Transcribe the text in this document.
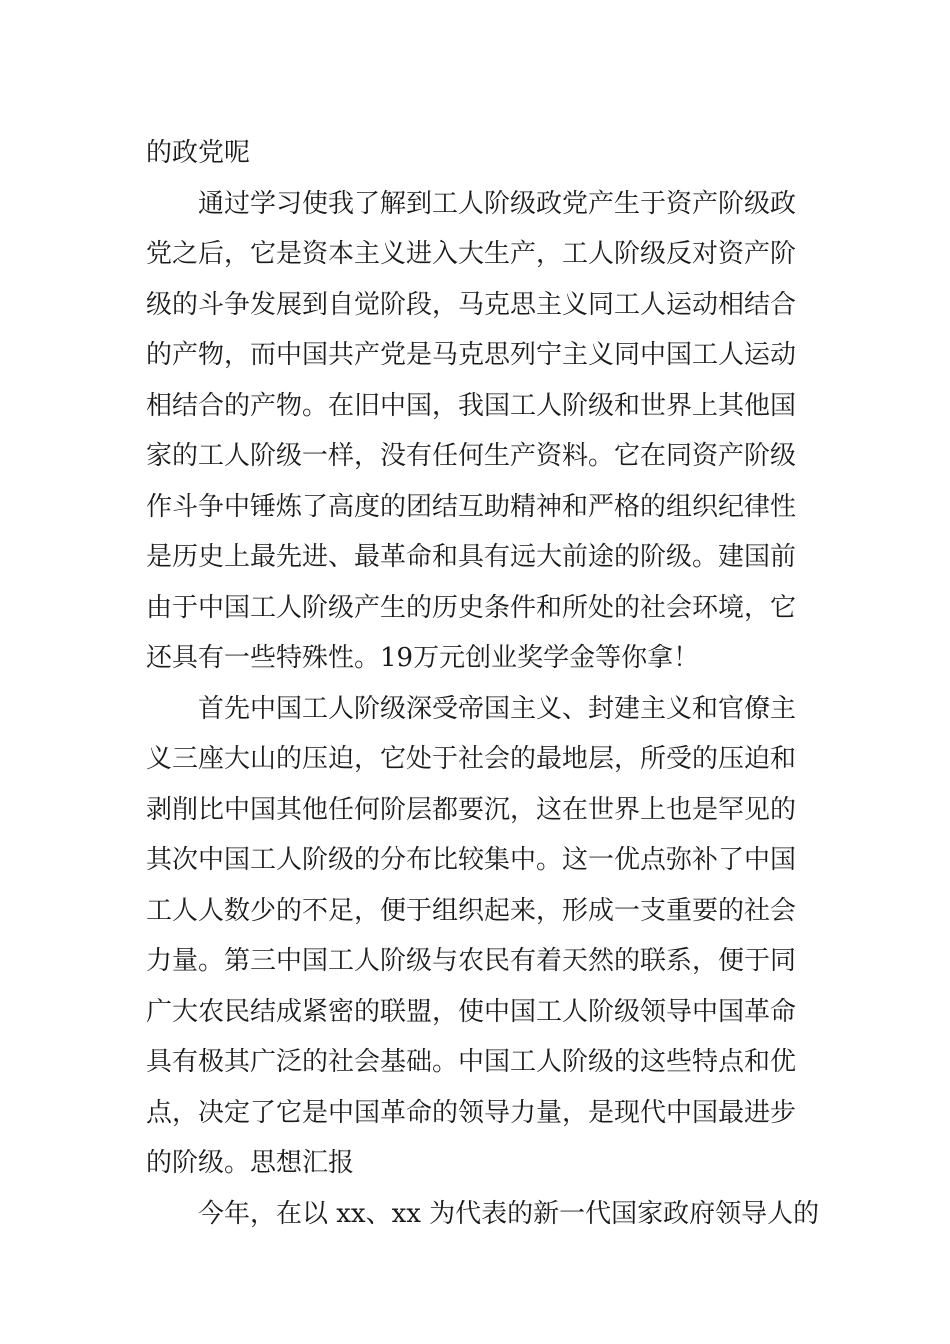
的政党呢
通过学习使我了解到工人阶级政党产生于资产阶级政
党之后，它是资本主义进入大生产，工人阶级反对资产阶
级的斗争发展到自觉阶段，马克思主义同工人运动相结合
的产物，而中国共产党是马克思列宁主义同中国工人运动
相结合的产物。在旧中国，我国工人阶级和世界上其他国
家的工人阶级一样，没有任何生产资料。它在同资产阶级
作斗争中锤炼了高度的团结互助精神和严格的组织纪律性
是历史上最先进、最革命和具有远大前途的阶级。建国前
由于中国工人阶级产生的历史条件和所处的社会环境，它
还具有一些特殊性。19万元创业奖学金等你拿！
首先中国工人阶级深受帝国主义、封建主义和官僚主
义三座大山的压迫，它处于社会的最地层，所受的压迫和
剥削比中国其他任何阶层都要沉，这在世界上也是罕见的
其次中国工人阶级的分布比较集中。这一优点弥补了中国
工人人数少的不足，便于组织起来，形成一支重要的社会
力量。第三中国工人阶级与农民有着天然的联系，便于同
广大农民结成紧密的联盟，使中国工人阶级领导中国革命
具有极其广泛的社会基础。中国工人阶级的这些特点和优
点，决定了它是中国革命的领导力量，是现代中国最进步
的阶级。思想汇报
今年，在以 xx、xx 为代表的新一代国家政府领导人的
